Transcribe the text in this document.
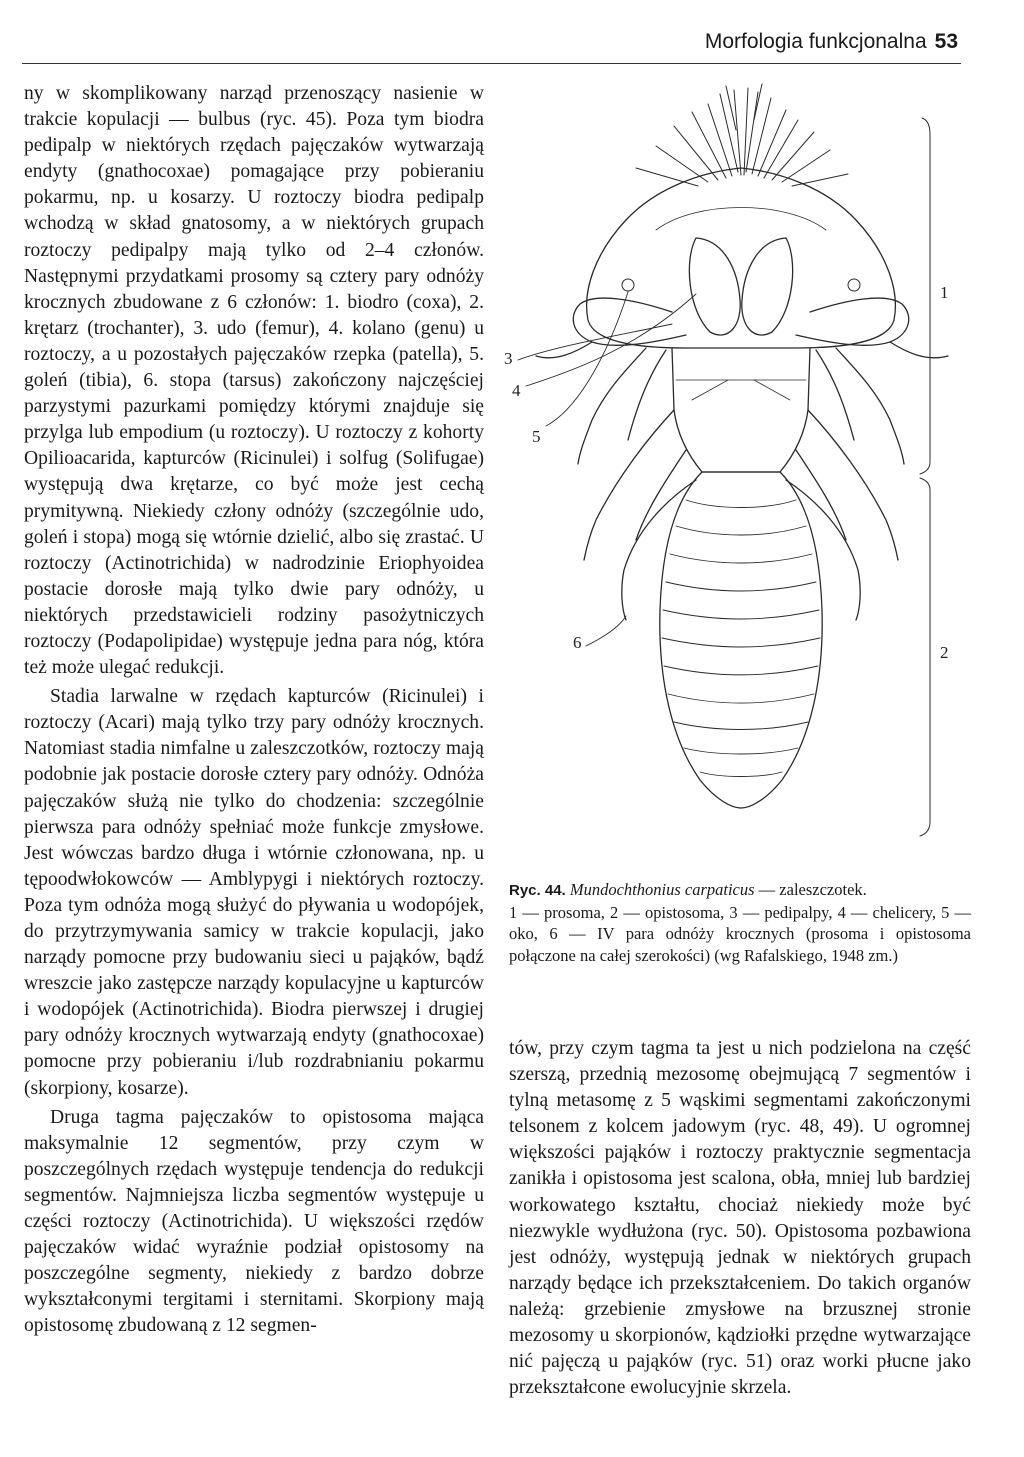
Morfologia funkcjonalna 53

ny w skomplikowany narząd przenoszący nasienie w trakcie kopulacji — bulbus (ryc. 45). Poza tym biodra pedipalp w niektórych rzędach pajęczaków wytwarzają endyty (gnathocoxae) pomagające przy pobieraniu pokarmu, np. u kosarzy. U roztoczy biodra pedipalp wchodzą w skład gnatosomy, a w niektórych grupach roztoczy pedipalpy mają tylko od 2–4 członów. Następnymi przydatkami prosomy są cztery pary odnóży krocznych zbudowane z 6 członów: 1. biodro (coxa), 2. krętarz (trochanter), 3. udo (femur), 4. kolano (genu) u roztoczy, a u pozostałych pajęczaków rzepka (patella), 5. goleń (tibia), 6. stopa (tarsus) zakończony najczęściej parzystymi pazurkami pomiędzy którymi znajduje się przylga lub empodium (u roztoczy). U roztoczy z kohorty Opilioacarida, kapturców (Ricinulei) i solfug (Solifugae) występują dwa krętarze, co być może jest cechą prymitywną. Niekiedy człony odnóży (szczególnie udo, goleń i stopa) mogą się wtórnie dzielić, albo się zrastać. U roztoczy (Actinotrichida) w nadrodzinie Eriophyoidea postacie dorosłe mają tylko dwie pary odnóży, u niektórych przedstawicieli rodziny pasożytniczych roztoczy (Podapolipidae) występuje jedna para nóg, która też może ulegać redukcji.

Stadia larwalne w rzędach kapturców (Ricinulei) i roztoczy (Acari) mają tylko trzy pary odnóży krocznych. Natomiast stadia nimfalne u zaleszczotków, roztoczy mają podobnie jak postacie dorosłe cztery pary odnóży. Odnóża pajęczaków służą nie tylko do chodzenia: szczególnie pierwsza para odnóży spełniać może funkcje zmysłowe. Jest wówczas bardzo długa i wtórnie członowana, np. u tępoodwłokowców — Amblypygi i niektórych roztoczy. Poza tym odnóża mogą służyć do pływania u wodopójek, do przytrzymywania samicy w trakcie kopulacji, jako narządy pomocne przy budowaniu sieci u pająków, bądź wreszcie jako zastępcze narządy kopulacyjne u kapturców i wodopójek (Actinotrichida). Biodra pierwszej i drugiej pary odnóży krocznych wytwarzają endyty (gnathocoxae) pomocne przy pobieraniu i/lub rozdrabnianiu pokarmu (skorpiony, kosarze).

Druga tagma pajęczaków to opistosoma mająca maksymalnie 12 segmentów, przy czym w poszczególnych rzędach występuje tendencja do redukcji segmentów. Najmniejsza liczba segmentów występuje u części roztoczy (Actinotrichida). U większości rzędów pajęczaków widać wyraźnie podział opistosomy na poszczególne segmenty, niekiedy z bardzo dobrze wykształconymi tergitami i sternitami. Skorpiony mają opistosomę zbudowaną z 12 segmen-

3
4
5
6
1
2
Ryc. 44. Mundochthonius carpaticus — zaleszczotek.
1 — prosoma, 2 — opistosoma, 3 — pedipalpy, 4 — chelicery, 5 — oko, 6 — IV para odnóży krocznych (prosoma i opistosoma połączone na całej szerokości) (wg Rafalskiego, 1948 zm.)

tów, przy czym tagma ta jest u nich podzielona na część szerszą, przednią mezosomę obejmującą 7 segmentów i tylną metasomę z 5 wąskimi segmentami zakończonymi telsonem z kolcem jadowym (ryc. 48, 49). U ogromnej większości pająków i roztoczy praktycznie segmentacja zanikła i opistosoma jest scalona, obła, mniej lub bardziej workowatego kształtu, chociaż niekiedy może być niezwykle wydłużona (ryc. 50). Opistosoma pozbawiona jest odnóży, występują jednak w niektórych grupach narządy będące ich przekształceniem. Do takich organów należą: grzebienie zmysłowe na brzusznej stronie mezosomy u skorpionów, kądziołki przędne wytwarzające nić pajęczą u pająków (ryc. 51) oraz worki płucne jako przekształcone ewolucyjnie skrzela.
